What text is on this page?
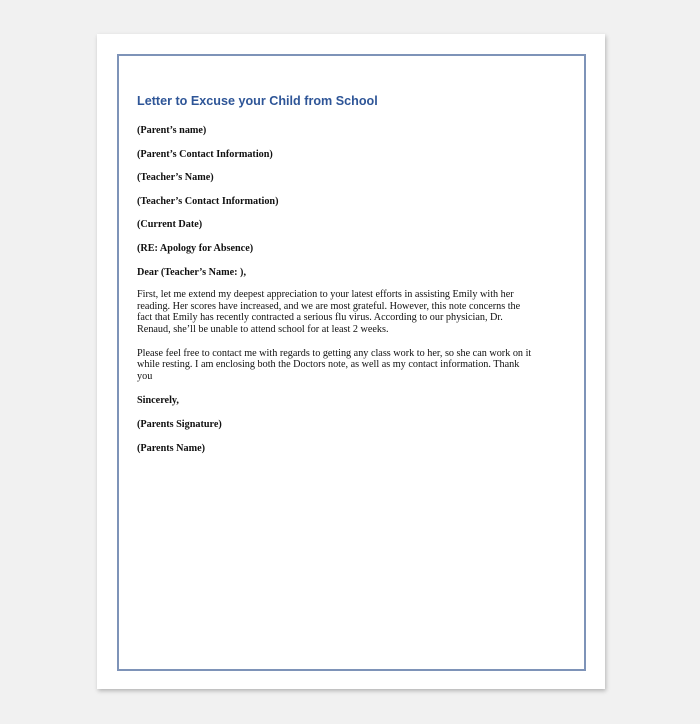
Letter to Excuse your Child from School
(Parent’s name)
(Parent’s Contact Information)
(Teacher’s Name)
(Teacher’s Contact Information)
(Current Date)
(RE: Apology for Absence)
Dear (Teacher’s Name: ),
First, let me extend my deepest appreciation to your latest efforts in assisting Emily with her
reading. Her scores have increased, and we are most grateful. However, this note concerns the
fact that Emily has recently contracted a serious flu virus. According to our physician, Dr.
Renaud, she’ll be unable to attend school for at least 2 weeks.
Please feel free to contact me with regards to getting any class work to her, so she can work on it
while resting. I am enclosing both the Doctors note, as well as my contact information. Thank
you
Sincerely,
(Parents Signature)
(Parents Name)
